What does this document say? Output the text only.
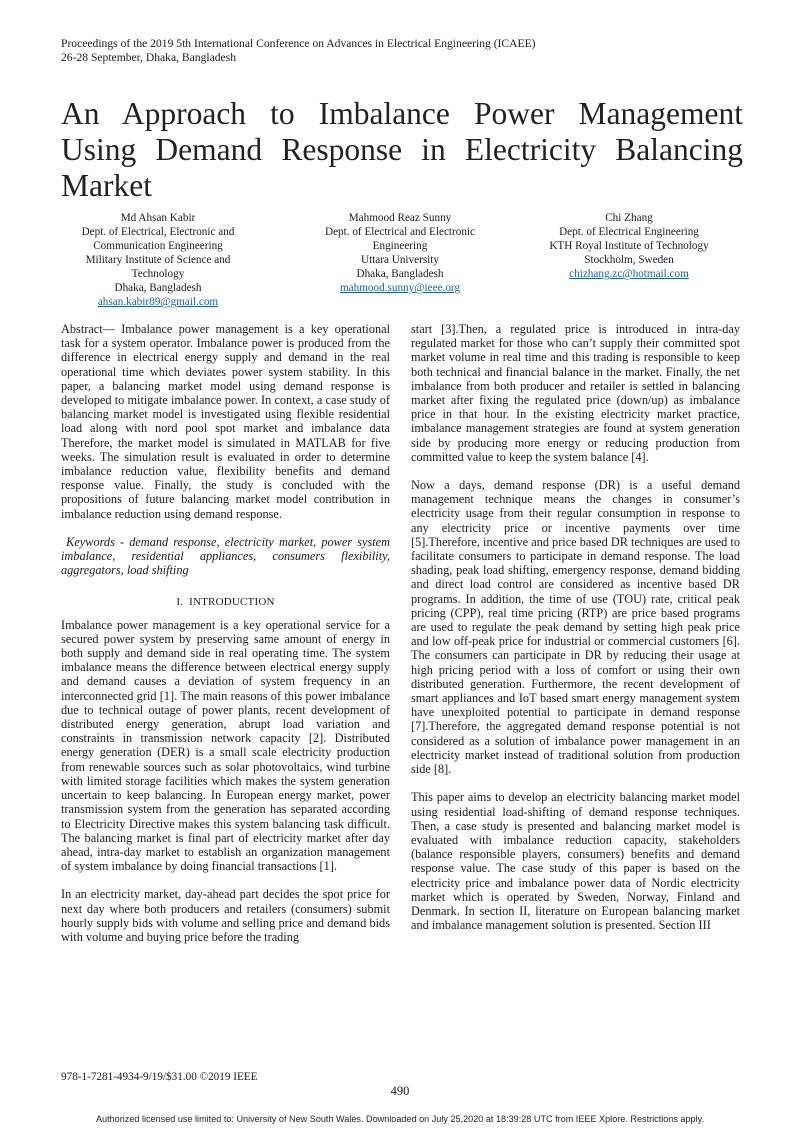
Proceedings of the 2019 5th International Conference on Advances in Electrical Engineering (ICAEE)
26-28 September, Dhaka, Bangladesh
An Approach to Imbalance Power Management Using Demand Response in Electricity Balancing Market
Md Ahsan Kabir
Dept. of Electrical, Electronic and
Communication Engineering
Military Institute of Science and
Technology
Dhaka, Bangladesh
ahsan.kabir89@gmail.com
Mahmood Reaz Sunny
Dept. of Electrical and Electronic
Engineering
Uttara University
Dhaka, Bangladesh
mahmood.sunny@ieee.org
Chi Zhang
Dept. of Electrical Engineering
KTH Royal Institute of Technology
Stockholm, Sweden
chizhang.zc@hotmail.com

Abstract— Imbalance power management is a key operational task for a system operator. Imbalance power is produced from the difference in electrical energy supply and demand in the real operational time which deviates power system stability. In this paper, a balancing market model using demand response is developed to mitigate imbalance power. In context, a case study of balancing market model is investigated using flexible residential load along with nord pool spot market and imbalance data Therefore, the market model is simulated in MATLAB for five weeks. The simulation result is evaluated in order to determine imbalance reduction value, flexibility benefits and demand response value. Finally, the study is concluded with the propositions of future balancing market model contribution in imbalance reduction using demand response.

Keywords - demand response, electricity market, power system imbalance, residential appliances, consumers flexibility, aggregators, load shifting

I. INTRODUCTION

Imbalance power management is a key operational service for a secured power system by preserving same amount of energy in both supply and demand side in real operating time. The system imbalance means the difference between electrical energy supply and demand causes a deviation of system frequency in an interconnected grid [1]. The main reasons of this power imbalance due to technical outage of power plants, recent development of distributed energy generation, abrupt load variation and constraints in transmission network capacity [2]. Distributed energy generation (DER) is a small scale electricity production from renewable sources such as solar photovoltaics, wind turbine with limited storage facilities which makes the system generation uncertain to keep balancing. In European energy market, power transmission system from the generation has separated according to Electricity Directive makes this system balancing task difficult. The balancing market is final part of electricity market after day ahead, intra-day market to establish an organization management of system imbalance by doing financial transactions [1].

In an electricity market, day-ahead part decides the spot price for next day where both producers and retailers (consumers) submit hourly supply bids with volume and selling price and demand bids with volume and buying price before the trading

start [3].Then, a regulated price is introduced in intra-day regulated market for those who can’t supply their committed spot market volume in real time and this trading is responsible to keep both technical and financial balance in the market. Finally, the net imbalance from both producer and retailer is settled in balancing market after fixing the regulated price (down/up) as imbalance price in that hour. In the existing electricity market practice, imbalance management strategies are found at system generation side by producing more energy or reducing production from committed value to keep the system balance [4].

Now a days, demand response (DR) is a useful demand management technique means the changes in consumer’s electricity usage from their regular consumption in response to any electricity price or incentive payments over time [5].Therefore, incentive and price based DR techniques are used to facilitate consumers to participate in demand response. The load shading, peak load shifting, emergency response, demand bidding and direct load control are considered as incentive based DR programs. In addition, the time of use (TOU) rate, critical peak pricing (CPP), real time pricing (RTP) are price based programs are used to regulate the peak demand by setting high peak price and low off-peak price for industrial or commercial customers [6]. The consumers can participate in DR by reducing their usage at high pricing period with a loss of comfort or using their own distributed generation. Furthermore, the recent development of smart appliances and IoT based smart energy management system have unexploited potential to participate in demand response [7].Therefore, the aggregated demand response potential is not considered as a solution of imbalance power management in an electricity market instead of traditional solution from production side [8].

This paper aims to develop an electricity balancing market model using residential load-shifting of demand response techniques. Then, a case study is presented and balancing market model is evaluated with imbalance reduction capacity, stakeholders (balance responsible players, consumers) benefits and demand response value. The case study of this paper is based on the electricity price and imbalance power data of Nordic electricity market which is operated by Sweden, Norway, Finland and Denmark. In section II, literature on European balancing market and imbalance management solution is presented. Section III

978-1-7281-4934-9/19/$31.00 ©2019 IEEE
490
Authorized licensed use limited to: University of New South Wales. Downloaded on July 25,2020 at 18:39:28 UTC from IEEE Xplore. Restrictions apply.
